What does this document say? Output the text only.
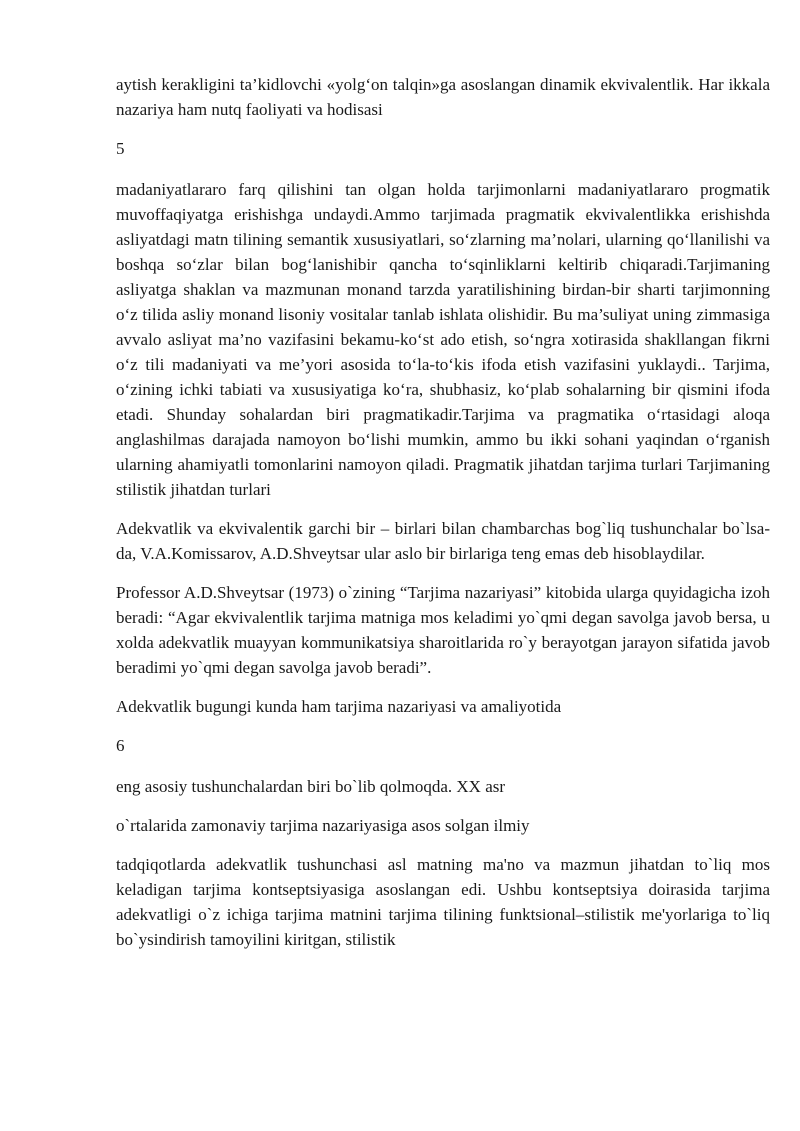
aytish kerakligini ta’kidlovchi «yolg‘on talqin»ga asoslangan dinamik ekvivalentlik. Har ikkala nazariya ham nutq faoliyati va hodisasi

5

madaniyatlararo farq qilishini tan olgan holda tarjimonlarni madaniyatlararo progmatik muvoffaqiyatga erishishga undaydi.Ammo tarjimada pragmatik ekvivalentlikka erishishda asliyatdagi matn tilining semantik xususiyatlari, so‘zlarning ma’nolari, ularning qo‘llanilishi va boshqa so‘zlar bilan bog‘lanishibir qancha to‘sqinliklarni keltirib chiqaradi.Tarjimaning asliyatga shaklan va mazmunan monand tarzda yaratilishining birdan-bir sharti tarjimonning o‘z tilida asliy monand lisoniy vositalar tanlab ishlata olishidir. Bu ma’suliyat uning zimmasiga avvalo asliyat ma’no vazifasini bekamu-ko‘st ado etish, so‘ngra xotirasida shakllangan fikrni o‘z tili madaniyati va me’yori asosida to‘la-to‘kis ifoda etish vazifasini yuklaydi.. Tarjima, o‘zining ichki tabiati va xususiyatiga ko‘ra, shubhasiz, ko‘plab sohalarning bir qismini ifoda etadi. Shunday sohalardan biri pragmatikadir.Tarjima va pragmatika o‘rtasidagi aloqa anglashilmas darajada namoyon bo‘lishi mumkin, ammo bu ikki sohani yaqindan o‘rganish ularning ahamiyatli tomonlarini namoyon qiladi. Pragmatik jihatdan tarjima turlari Tarjimaning stilistik jihatdan turlari

Adekvatlik va ekvivalentik garchi bir – birlari bilan chambarchas bog`liq tushunchalar bo`lsa-da, V.A.Komissarov, A.D.Shveytsar ular aslo bir birlariga teng emas deb hisoblaydilar.

Professor A.D.Shveytsar (1973) o`zining “Tarjima nazariyasi” kitobida ularga quyidagicha izoh beradi: “Agar ekvivalentlik tarjima matniga mos keladimi yo`qmi degan savolga javob bersa, u xolda adekvatlik muayyan kommunikatsiya sharoitlarida ro`y berayotgan jarayon sifatida javob beradimi yo`qmi degan savolga javob beradi”.

Adekvatlik bugungi kunda ham tarjima nazariyasi va amaliyotida

6

eng asosiy tushunchalardan biri bo`lib qolmoqda. XX asr

o`rtalarida zamonaviy tarjima nazariyasiga asos solgan ilmiy

tadqiqotlarda adekvatlik tushunchasi asl matning ma'no va mazmun jihatdan to`liq mos keladigan tarjima kontseptsiyasiga asoslangan edi. Ushbu kontseptsiya doirasida tarjima adekvatligi o`z ichiga tarjima matnini tarjima tilining funktsional–stilistik me'yorlariga to`liq bo`ysindirish tamoyilini kiritgan, stilistik
